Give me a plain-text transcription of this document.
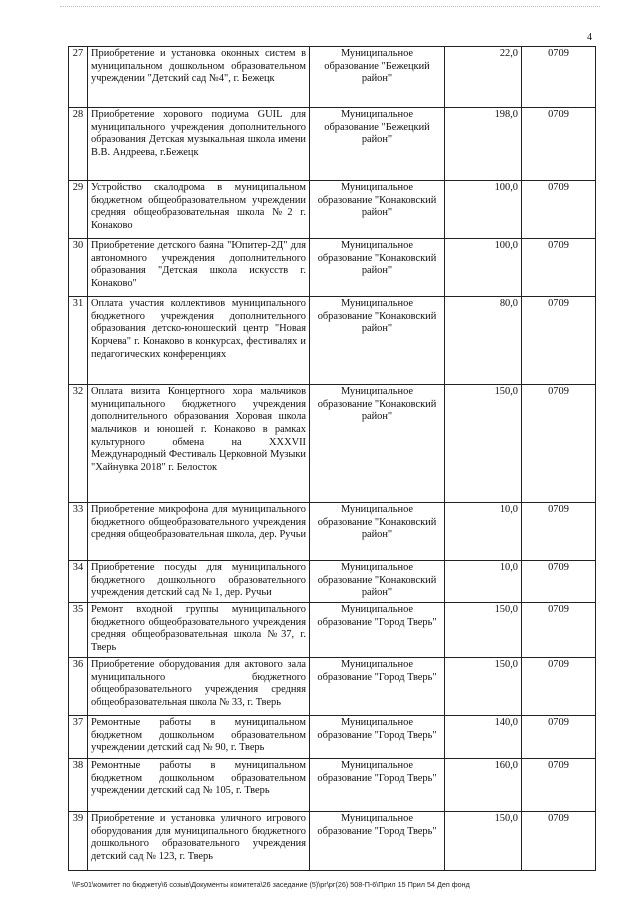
4
27	Приобретение и установка оконных систем в муниципальном дошкольном образовательном учреждении "Детский сад №4", г. Бежецк	Муниципальное образование "Бежецкий район"	22,0	0709
28	Приобретение хорового подиума GUIL для муниципального учреждения дополнительного образования Детская музыкальная школа имени В.В. Андреева, г.Бежецк	Муниципальное образование "Бежецкий район"	198,0	0709
29	Устройство скалодрома в муниципальном бюджетном общеобразовательном учреждении средняя общеобразовательная школа №2 г. Конаково	Муниципальное образование "Конаковский район"	100,0	0709
30	Приобретение детского баяна "Юпитер-2Д" для автономного учреждения дополнительного образования "Детская школа искусств г. Конаково"	Муниципальное образование "Конаковский район"	100,0	0709
31	Оплата участия коллективов муниципального бюджетного учреждения дополнительного образования детско-юношеский центр "Новая Корчева" г. Конаково в конкурсах, фестивалях и педагогических конференциях	Муниципальное образование "Конаковский район"	80,0	0709
32	Оплата визита Концертного хора мальчиков муниципального бюджетного учреждения дополнительного образования Хоровая школа мальчиков и юношей г. Конаково в рамках культурного обмена на XXXVII Международный Фестиваль Церковной Музыки "Хайнувка 2018" г. Белосток	Муниципальное образование "Конаковский район"	150,0	0709
33	Приобретение микрофона для муниципального бюджетного общеобразовательного учреждения средняя общеобразовательная школа, дер. Ручьи	Муниципальное образование "Конаковский район"	10,0	0709
34	Приобретение посуды для муниципального бюджетного дошкольного образовательного учреждения детский сад № 1, дер. Ручьи	Муниципальное образование "Конаковский район"	10,0	0709
35	Ремонт входной группы муниципального бюджетного общеобразовательного учреждения средняя общеобразовательная школа №37, г. Тверь	Муниципальное образование "Город Тверь"	150,0	0709
36	Приобретение оборудования для актового зала муниципального бюджетного общеобразовательного учреждения средняя общеобразовательная школа № 33, г. Тверь	Муниципальное образование "Город Тверь"	150,0	0709
37	Ремонтные работы в муниципальном бюджетном дошкольном образовательном учреждении детский сад № 90, г. Тверь	Муниципальное образование "Город Тверь"	140,0	0709
38	Ремонтные работы в муниципальном бюджетном дошкольном образовательном учреждении детский сад № 105, г. Тверь	Муниципальное образование "Город Тверь"	160,0	0709
39	Приобретение и установка уличного игрового оборудования для муниципального бюджетного дошкольного образовательного учреждения детский сад № 123, г. Тверь	Муниципальное образование "Город Тверь"	150,0	0709
\\Fs01\комитет по бюджету\6 созыв\Документы комитета\26 заседание (5)\рг\рг(26) 508-П-6\Прил 15 Прил 54 Деп фонд
